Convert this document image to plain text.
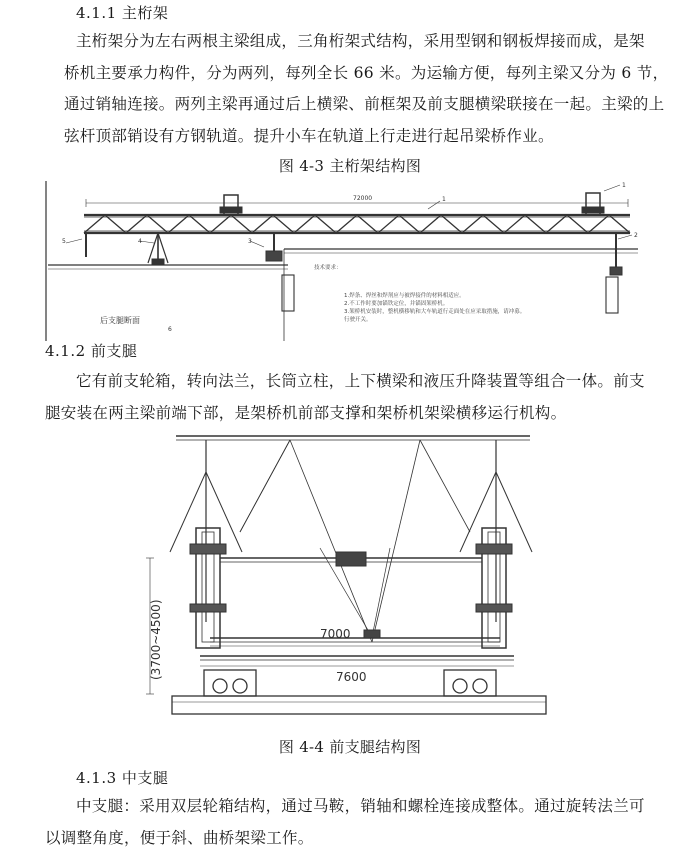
4.1.1 主桁架

主桁架分为左右两根主梁组成，三角桁架式结构，采用型钢和钢板焊接而成，是架

桥机主要承力构件，分为两列，每列全长 66 米。为运输方便，每列主梁又分为 6 节，

通过销轴连接。两列主梁再通过后上横梁、前框架及前支腿横梁联接在一起。主梁的上

弦杆顶部销设有方钢轨道。提升小车在轨道上行走进行起吊梁桥作业。

图 4-3 主桁架结构图
72000	1
1
2
3
4
5
6
技术要求：
1.焊条、焊丝和焊剂应与被焊接件的材料相适应。
2.不工作时要加锚铁定位，并锚固架桥机。
3.架桥机安装时，整机横移轨和大车轨道行走面处在应采取措施，请冲募。
行驶开关。
后支腿断面
4.1.2 前支腿

它有前支轮箱，转向法兰，长筒立柱，上下横梁和液压升降装置等组合一体。前支

腿安装在两主梁前端下部，是架桥机前部支撑和架桥机架梁横移运行机构。

(3700~4500)	7000
7600
图 4-4 前支腿结构图
4.1.3 中支腿

中支腿：采用双层轮箱结构，通过马鞍，销轴和螺栓连接成整体。通过旋转法兰可

以调整角度，便于斜、曲桥架梁工作。
